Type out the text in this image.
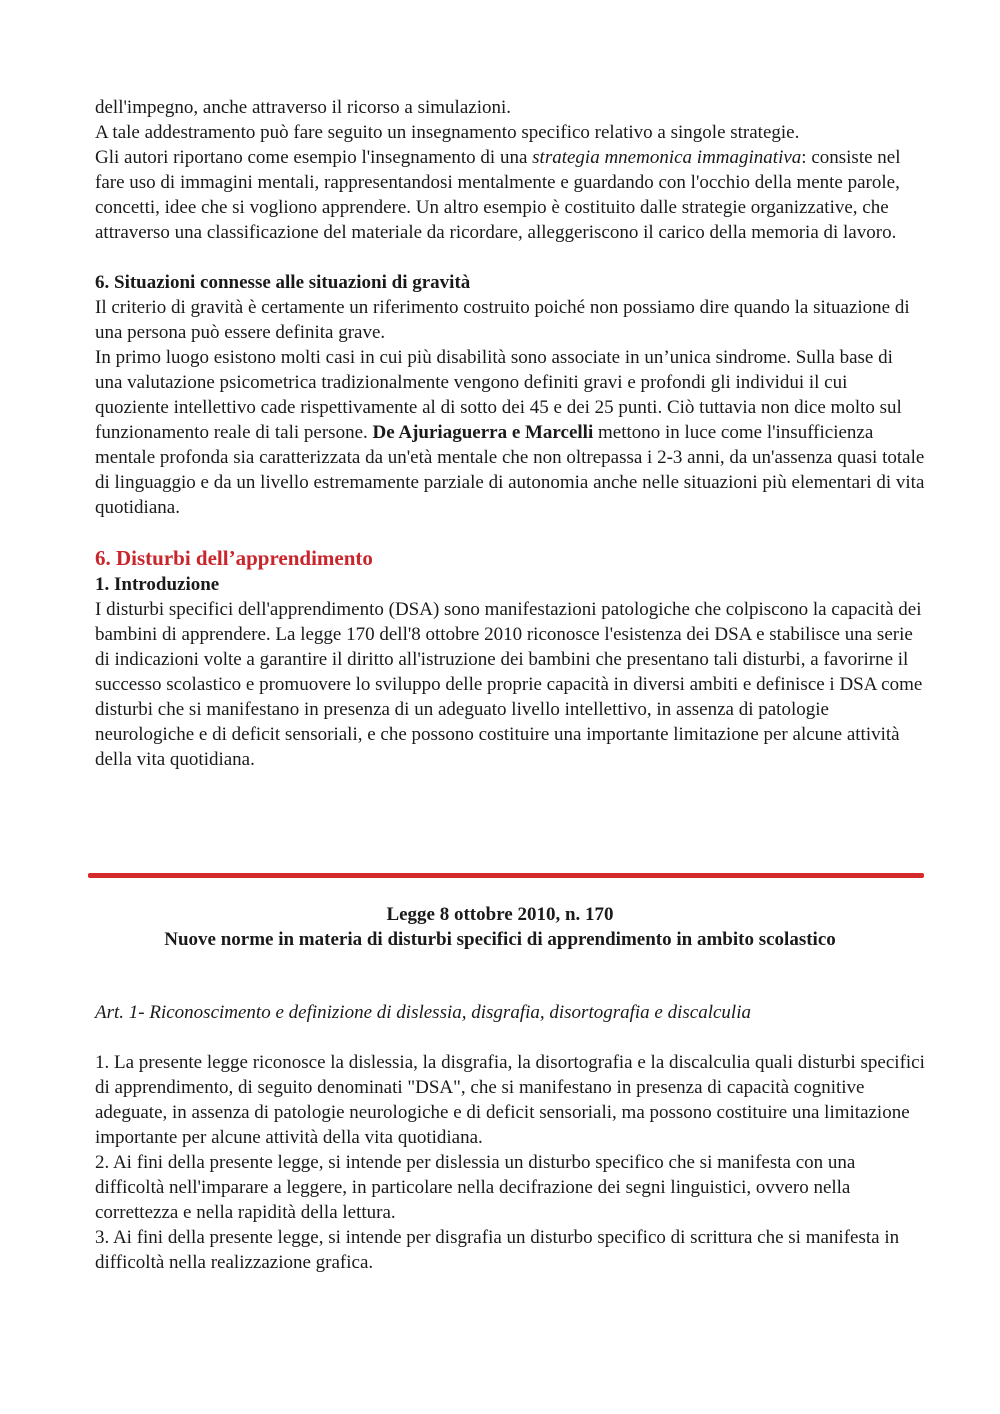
dell'impegno, anche attraverso il ricorso a simulazioni.

A tale addestramento può fare seguito un insegnamento specifico relativo a singole strategie.

Gli autori riportano come esempio l'insegnamento di una strategia mnemonica immaginativa: consiste nel fare uso di immagini mentali, rappresentandosi mentalmente e guardando con l'occhio della mente parole, concetti, idee che si vogliono apprendere. Un altro esempio è costituito dalle strategie organizzative, che attraverso una classificazione del materiale da ricordare, alleggeriscono il carico della memoria di lavoro.

6. Situazioni connesse alle situazioni di gravità

Il criterio di gravità è certamente un riferimento costruito poiché non possiamo dire quando la situazione di una persona può essere definita grave.

In primo luogo esistono molti casi in cui più disabilità sono associate in un’unica sindrome. Sulla base di una valutazione psicometrica tradizionalmente vengono definiti gravi e profondi gli individui il cui quoziente intellettivo cade rispettivamente al di sotto dei 45 e dei 25 punti. Ciò tuttavia non dice molto sul funzionamento reale di tali persone. De Ajuriaguerra e Marcelli mettono in luce come l'insufficienza mentale profonda sia caratterizzata da un'età mentale che non oltrepassa i 2-3 anni, da un'assenza quasi totale di linguaggio e da un livello estremamente parziale di autonomia anche nelle situazioni più elementari di vita quotidiana.

6. Disturbi dell’apprendimento

1. Introduzione

I disturbi specifici dell'apprendimento (DSA) sono manifestazioni patologiche che colpiscono la capacità dei bambini di apprendere. La legge 170 dell'8 ottobre 2010 riconosce l'esistenza dei DSA e stabilisce una serie di indicazioni volte a garantire il diritto all'istruzione dei bambini che presentano tali disturbi, a favorirne il successo scolastico e promuovere lo sviluppo delle proprie capacità in diversi ambiti e definisce i DSA come disturbi che si manifestano in presenza di un adeguato livello intellettivo, in assenza di patologie neurologiche e di deficit sensoriali, e che possono costituire una importante limitazione per alcune attività della vita quotidiana.

Legge 8 ottobre 2010, n. 170
Nuove norme in materia di disturbi specifici di apprendimento in ambito scolastico

Art. 1- Riconoscimento e definizione di dislessia, disgrafia, disortografia e discalculia

1. La presente legge riconosce la dislessia, la disgrafia, la disortografia e la discalculia quali disturbi specifici di apprendimento, di seguito denominati "DSA", che si manifestano in presenza di capacità cognitive adeguate, in assenza di patologie neurologiche e di deficit sensoriali, ma possono costituire una limitazione importante per alcune attività della vita quotidiana.

2. Ai fini della presente legge, si intende per dislessia un disturbo specifico che si manifesta con una difficoltà nell'imparare a leggere, in particolare nella decifrazione dei segni linguistici, ovvero nella correttezza e nella rapidità della lettura.

3. Ai fini della presente legge, si intende per disgrafia un disturbo specifico di scrittura che si manifesta in difficoltà nella realizzazione grafica.
